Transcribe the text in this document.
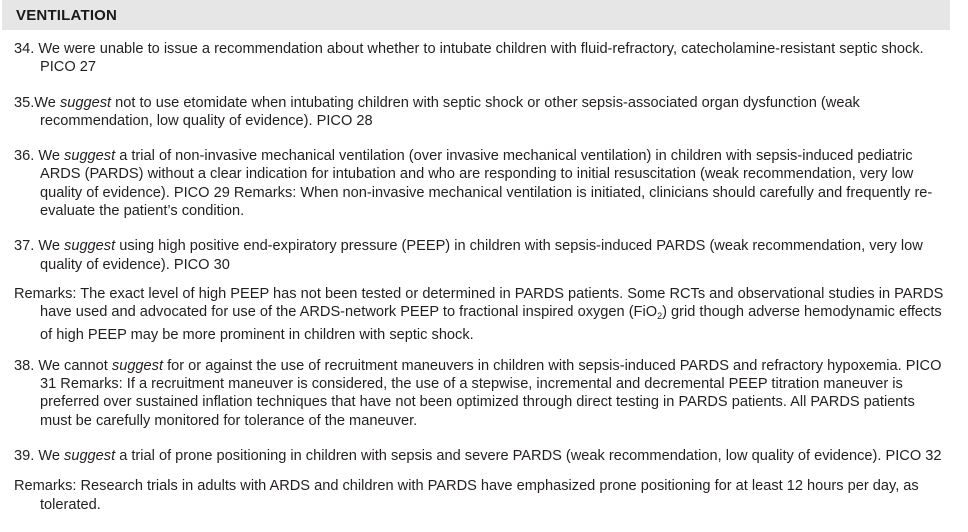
VENTILATION

34. We were unable to issue a recommendation about whether to intubate children with fluid-refractory, catecholamine-resistant septic shock. PICO 27

35.We suggest not to use etomidate when intubating children with septic shock or other sepsis-associated organ dysfunction (weak recommendation, low quality of evidence). PICO 28

36. We suggest a trial of non-invasive mechanical ventilation (over invasive mechanical ventilation) in children with sepsis-induced pediatric ARDS (PARDS) without a clear indication for intubation and who are responding to initial resuscitation (weak recommendation, very low quality of evidence). PICO 29 Remarks: When non-invasive mechanical ventilation is initiated, clinicians should carefully and frequently re-evaluate the patient’s condition.

37. We suggest using high positive end-expiratory pressure (PEEP) in children with sepsis-induced PARDS (weak recommendation, very low quality of evidence). PICO 30

Remarks: The exact level of high PEEP has not been tested or determined in PARDS patients. Some RCTs and observational studies in PARDS have used and advocated for use of the ARDS-network PEEP to fractional inspired oxygen (FiO$_2$) grid though adverse hemodynamic effects of high PEEP may be more prominent in children with septic shock.

38. We cannot suggest for or against the use of recruitment maneuvers in children with sepsis-induced PARDS and refractory hypoxemia. PICO 31 Remarks: If a recruitment maneuver is considered, the use of a stepwise, incremental and decremental PEEP titration maneuver is preferred over sustained inflation techniques that have not been optimized through direct testing in PARDS patients. All PARDS patients must be carefully monitored for tolerance of the maneuver.

39. We suggest a trial of prone positioning in children with sepsis and severe PARDS (weak recommendation, low quality of evidence). PICO 32

Remarks: Research trials in adults with ARDS and children with PARDS have emphasized prone positioning for at least 12 hours per day, as tolerated.
